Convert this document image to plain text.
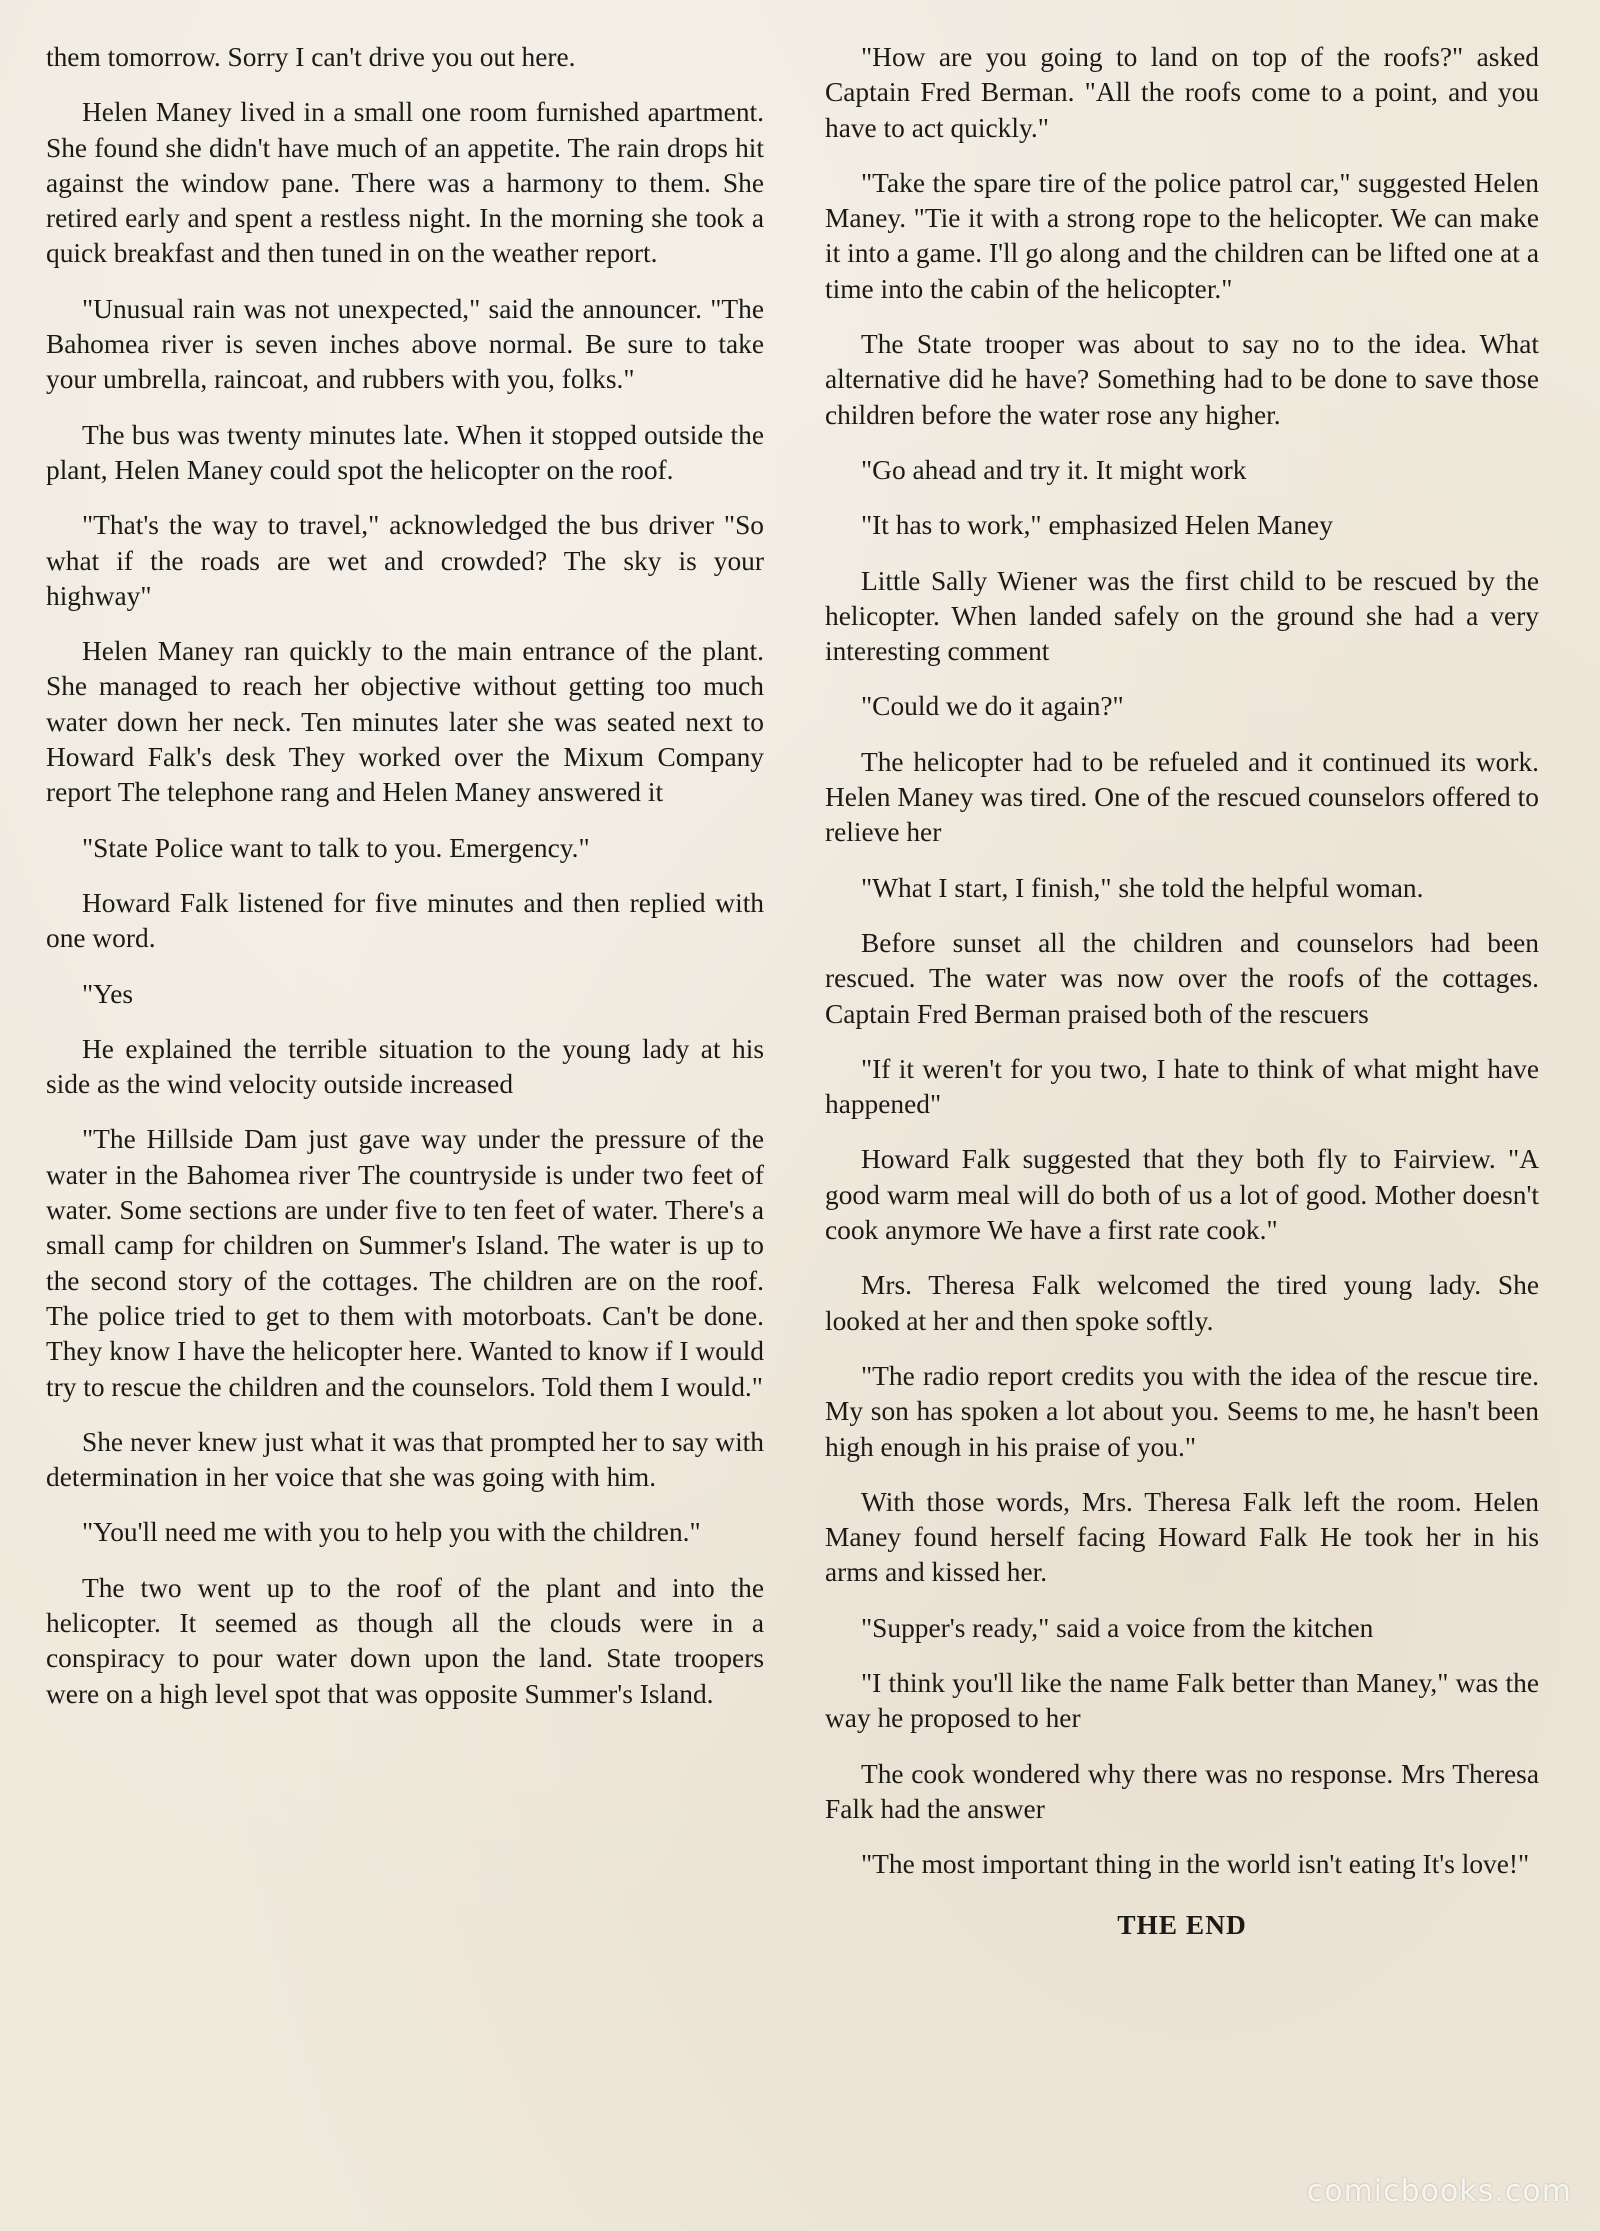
them tomorrow. Sorry I can't drive you out here.

Helen Maney lived in a small one room furnished apartment. She found she didn't have much of an appetite. The rain drops hit against the window pane. There was a harmony to them. She retired early and spent a restless night. In the morning she took a quick breakfast and then tuned in on the weather report.

"Unusual rain was not unexpected," said the announcer. "The Bahomea river is seven inches above normal. Be sure to take your umbrella, raincoat, and rubbers with you, folks."

The bus was twenty minutes late. When it stopped outside the plant, Helen Maney could spot the helicopter on the roof.

"That's the way to travel," acknowledged the bus driver "So what if the roads are wet and crowded? The sky is your highway"

Helen Maney ran quickly to the main entrance of the plant. She managed to reach her objective without getting too much water down her neck. Ten minutes later she was seated next to Howard Falk's desk They worked over the Mixum Company report The telephone rang and Helen Maney answered it

"State Police want to talk to you. Emergency."

Howard Falk listened for five minutes and then replied with one word.

"Yes

He explained the terrible situation to the young lady at his side as the wind velocity outside increased

"The Hillside Dam just gave way under the pressure of the water in the Bahomea river The countryside is under two feet of water. Some sections are under five to ten feet of water. There's a small camp for children on Summer's Island. The water is up to the second story of the cottages. The children are on the roof. The police tried to get to them with motorboats. Can't be done. They know I have the helicopter here. Wanted to know if I would try to rescue the children and the counselors. Told them I would."

She never knew just what it was that prompted her to say with determination in her voice that she was going with him.

"You'll need me with you to help you with the children."

The two went up to the roof of the plant and into the helicopter. It seemed as though all the clouds were in a conspiracy to pour water down upon the land. State troopers were on a high level spot that was opposite Summer's Island.

"How are you going to land on top of the roofs?" asked Captain Fred Berman. "All the roofs come to a point, and you have to act quickly."

"Take the spare tire of the police patrol car," suggested Helen Maney. "Tie it with a strong rope to the helicopter. We can make it into a game. I'll go along and the children can be lifted one at a time into the cabin of the helicopter."

The State trooper was about to say no to the idea. What alternative did he have? Something had to be done to save those children before the water rose any higher.

"Go ahead and try it. It might work

"It has to work," emphasized Helen Maney

Little Sally Wiener was the first child to be rescued by the helicopter. When landed safely on the ground she had a very interesting comment

"Could we do it again?"

The helicopter had to be refueled and it continued its work. Helen Maney was tired. One of the rescued counselors offered to relieve her

"What I start, I finish," she told the helpful woman.

Before sunset all the children and counselors had been rescued. The water was now over the roofs of the cottages. Captain Fred Berman praised both of the rescuers

"If it weren't for you two, I hate to think of what might have happened"

Howard Falk suggested that they both fly to Fairview. "A good warm meal will do both of us a lot of good. Mother doesn't cook anymore We have a first rate cook."

Mrs. Theresa Falk welcomed the tired young lady. She looked at her and then spoke softly.

"The radio report credits you with the idea of the rescue tire. My son has spoken a lot about you. Seems to me, he hasn't been high enough in his praise of you."

With those words, Mrs. Theresa Falk left the room. Helen Maney found herself facing Howard Falk He took her in his arms and kissed her.

"Supper's ready," said a voice from the kitchen

"I think you'll like the name Falk better than Maney," was the way he proposed to her

The cook wondered why there was no response. Mrs Theresa Falk had the answer

"The most important thing in the world isn't eating It's love!"

THE END

comicbooks.com
